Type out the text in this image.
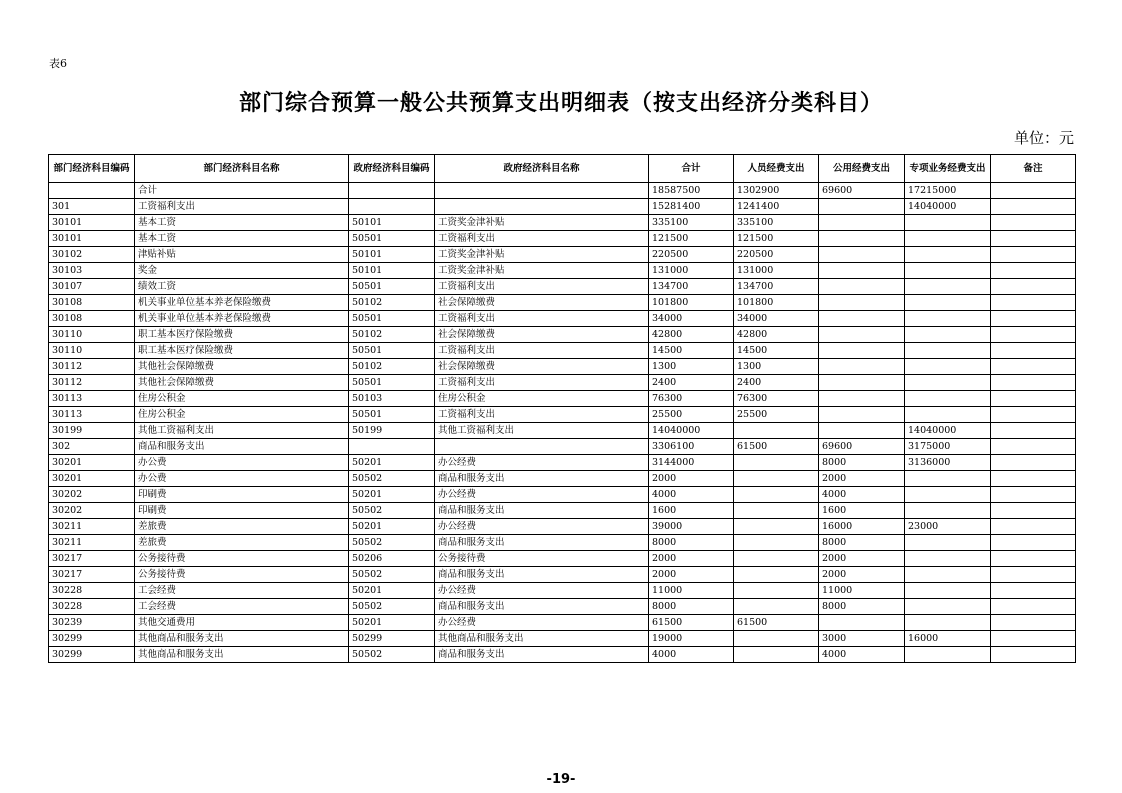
表6
部门综合预算一般公共预算支出明细表（按支出经济分类科目）
单位：元
部门经济科目编码	部门经济科目名称	政府经济科目编码	政府经济科目名称	合计	人员经费支出	公用经费支出	专项业务经费支出	备注
	合计			18587500	1302900	69600	17215000	
301	工资福利支出			15281400	1241400		14040000	
30101	基本工资	50101	工资奖金津补贴	335100	335100			
30101	基本工资	50501	工资福利支出	121500	121500			
30102	津贴补贴	50101	工资奖金津补贴	220500	220500			
30103	奖金	50101	工资奖金津补贴	131000	131000			
30107	绩效工资	50501	工资福利支出	134700	134700			
30108	机关事业单位基本养老保险缴费	50102	社会保障缴费	101800	101800			
30108	机关事业单位基本养老保险缴费	50501	工资福利支出	34000	34000			
30110	职工基本医疗保险缴费	50102	社会保障缴费	42800	42800			
30110	职工基本医疗保险缴费	50501	工资福利支出	14500	14500			
30112	其他社会保障缴费	50102	社会保障缴费	1300	1300			
30112	其他社会保障缴费	50501	工资福利支出	2400	2400			
30113	住房公积金	50103	住房公积金	76300	76300			
30113	住房公积金	50501	工资福利支出	25500	25500			
30199	其他工资福利支出	50199	其他工资福利支出	14040000			14040000	
302	商品和服务支出			3306100	61500	69600	3175000	
30201	办公费	50201	办公经费	3144000		8000	3136000	
30201	办公费	50502	商品和服务支出	2000		2000		
30202	印刷费	50201	办公经费	4000		4000		
30202	印刷费	50502	商品和服务支出	1600		1600		
30211	差旅费	50201	办公经费	39000		16000	23000	
30211	差旅费	50502	商品和服务支出	8000		8000		
30217	公务接待费	50206	公务接待费	2000		2000		
30217	公务接待费	50502	商品和服务支出	2000		2000		
30228	工会经费	50201	办公经费	11000		11000		
30228	工会经费	50502	商品和服务支出	8000		8000		
30239	其他交通费用	50201	办公经费	61500	61500			
30299	其他商品和服务支出	50299	其他商品和服务支出	19000		3000	16000	
30299	其他商品和服务支出	50502	商品和服务支出	4000		4000		
-19-
